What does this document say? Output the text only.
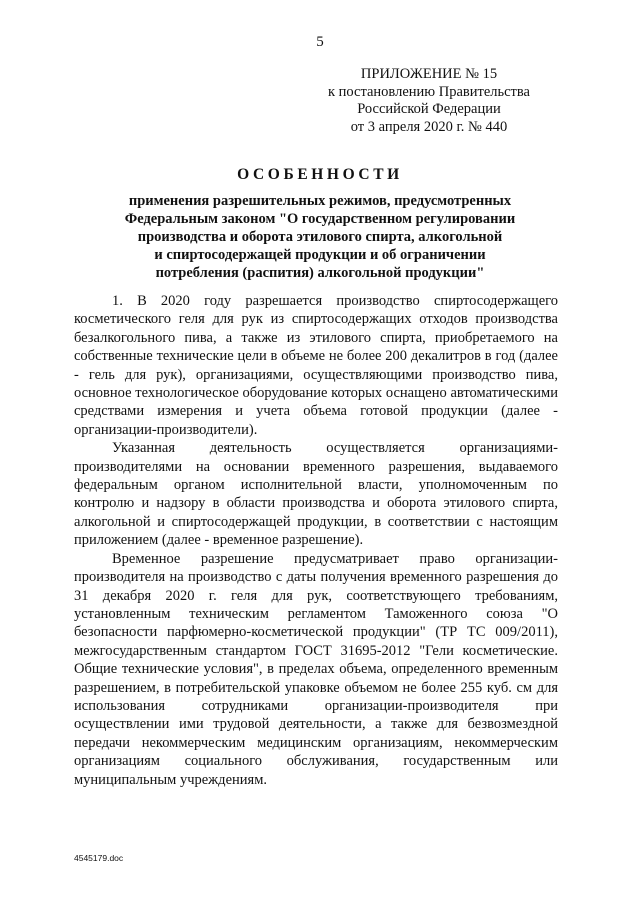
5
ПРИЛОЖЕНИЕ № 15
к постановлению Правительства
Российской Федерации
от 3 апреля 2020 г. № 440
ОСОБЕННОСТИ
применения разрешительных режимов, предусмотренных
Федеральным законом "О государственном регулировании
производства и оборота этилового спирта, алкогольной
и спиртосодержащей продукции и об ограничении
потребления (распития) алкогольной продукции"

1. В 2020 году разрешается производство спиртосодержащего косметического геля для рук из спиртосодержащих отходов производства безалкогольного пива, а также из этилового спирта, приобретаемого на собственные технические цели в объеме не более 200 декалитров в год (далее - гель для рук), организациями, осуществляющими производство пива, основное технологическое оборудование которых оснащено автоматическими средствами измерения и учета объема готовой продукции (далее - организации-производители).

Указанная деятельность осуществляется организациями-производителями на основании временного разрешения, выдаваемого федеральным органом исполнительной власти, уполномоченным по контролю и надзору в области производства и оборота этилового спирта, алкогольной и спиртосодержащей продукции, в соответствии с настоящим приложением (далее - временное разрешение).

Временное разрешение предусматривает право организации-производителя на производство с даты получения временного разрешения до 31 декабря 2020 г. геля для рук, соответствующего требованиям, установленным техническим регламентом Таможенного союза "О безопасности парфюмерно-косметической продукции" (ТР ТС 009/2011), межгосударственным стандартом ГОСТ 31695-2012 "Гели косметические. Общие технические условия", в пределах объема, определенного временным разрешением, в потребительской упаковке объемом не более 255 куб. см для использования сотрудниками организации-производителя при осуществлении ими трудовой деятельности, а также для безвозмездной передачи некоммерческим медицинским организациям, некоммерческим организациям социального обслуживания, государственным или муниципальным учреждениям.

4545179.doc
